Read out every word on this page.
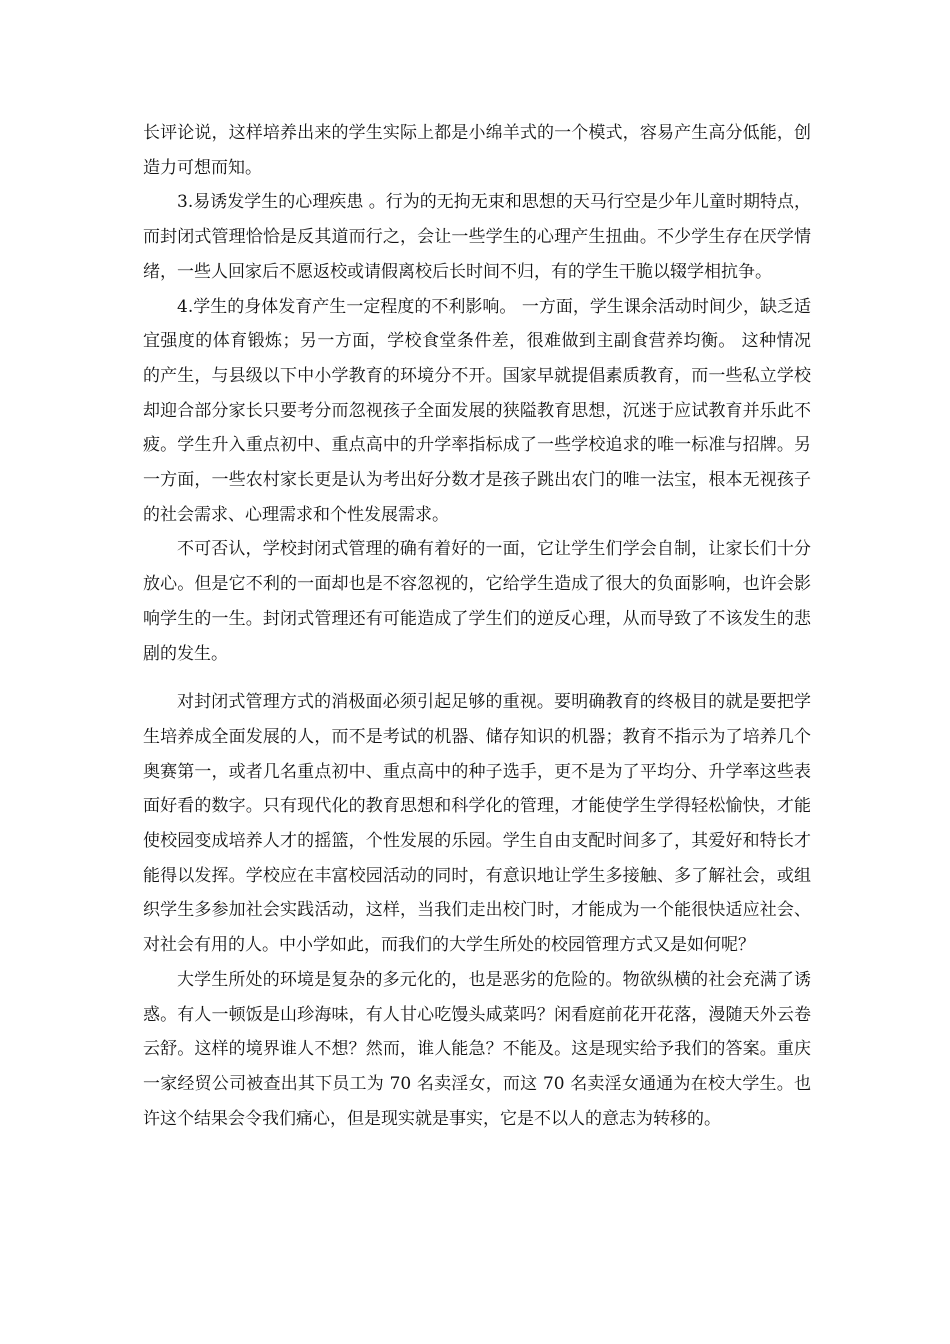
长评论说，这样培养出来的学生实际上都是小绵羊式的一个模式，容易产生高分低能，创造力可想而知。

3.易诱发学生的心理疾患 。行为的无拘无束和思想的天马行空是少年儿童时期特点，而封闭式管理恰恰是反其道而行之，会让一些学生的心理产生扭曲。不少学生存在厌学情绪，一些人回家后不愿返校或请假离校后长时间不归，有的学生干脆以辍学相抗争。

4.学生的身体发育产生一定程度的不利影响。 一方面，学生课余活动时间少，缺乏适宜强度的体育锻炼；另一方面，学校食堂条件差，很难做到主副食营养均衡。 这种情况的产生，与县级以下中小学教育的环境分不开。国家早就提倡素质教育，而一些私立学校却迎合部分家长只要考分而忽视孩子全面发展的狭隘教育思想，沉迷于应试教育并乐此不疲。学生升入重点初中、重点高中的升学率指标成了一些学校追求的唯一标准与招牌。另一方面，一些农村家长更是认为考出好分数才是孩子跳出农门的唯一法宝，根本无视孩子的社会需求、心理需求和个性发展需求。

不可否认，学校封闭式管理的确有着好的一面，它让学生们学会自制，让家长们十分放心。但是它不利的一面却也是不容忽视的，它给学生造成了很大的负面影响，也许会影响学生的一生。封闭式管理还有可能造成了学生们的逆反心理，从而导致了不该发生的悲剧的发生。

对封闭式管理方式的消极面必须引起足够的重视。要明确教育的终极目的就是要把学生培养成全面发展的人，而不是考试的机器、储存知识的机器；教育不指示为了培养几个奥赛第一，或者几名重点初中、重点高中的种子选手，更不是为了平均分、升学率这些表面好看的数字。只有现代化的教育思想和科学化的管理，才能使学生学得轻松愉快，才能使校园变成培养人才的摇篮，个性发展的乐园。学生自由支配时间多了，其爱好和特长才能得以发挥。学校应在丰富校园活动的同时，有意识地让学生多接触、多了解社会，或组织学生多参加社会实践活动，这样，当我们走出校门时，才能成为一个能很快适应社会、对社会有用的人。中小学如此，而我们的大学生所处的校园管理方式又是如何呢？

大学生所处的环境是复杂的多元化的，也是恶劣的危险的。物欲纵横的社会充满了诱惑。有人一顿饭是山珍海味，有人甘心吃馒头咸菜吗？闲看庭前花开花落，漫随天外云卷云舒。这样的境界谁人不想？然而，谁人能急？不能及。这是现实给予我们的答案。重庆一家经贸公司被查出其下员工为 70 名卖淫女，而这 70 名卖淫女通通为在校大学生。也许这个结果会令我们痛心，但是现实就是事实，它是不以人的意志为转移的。
